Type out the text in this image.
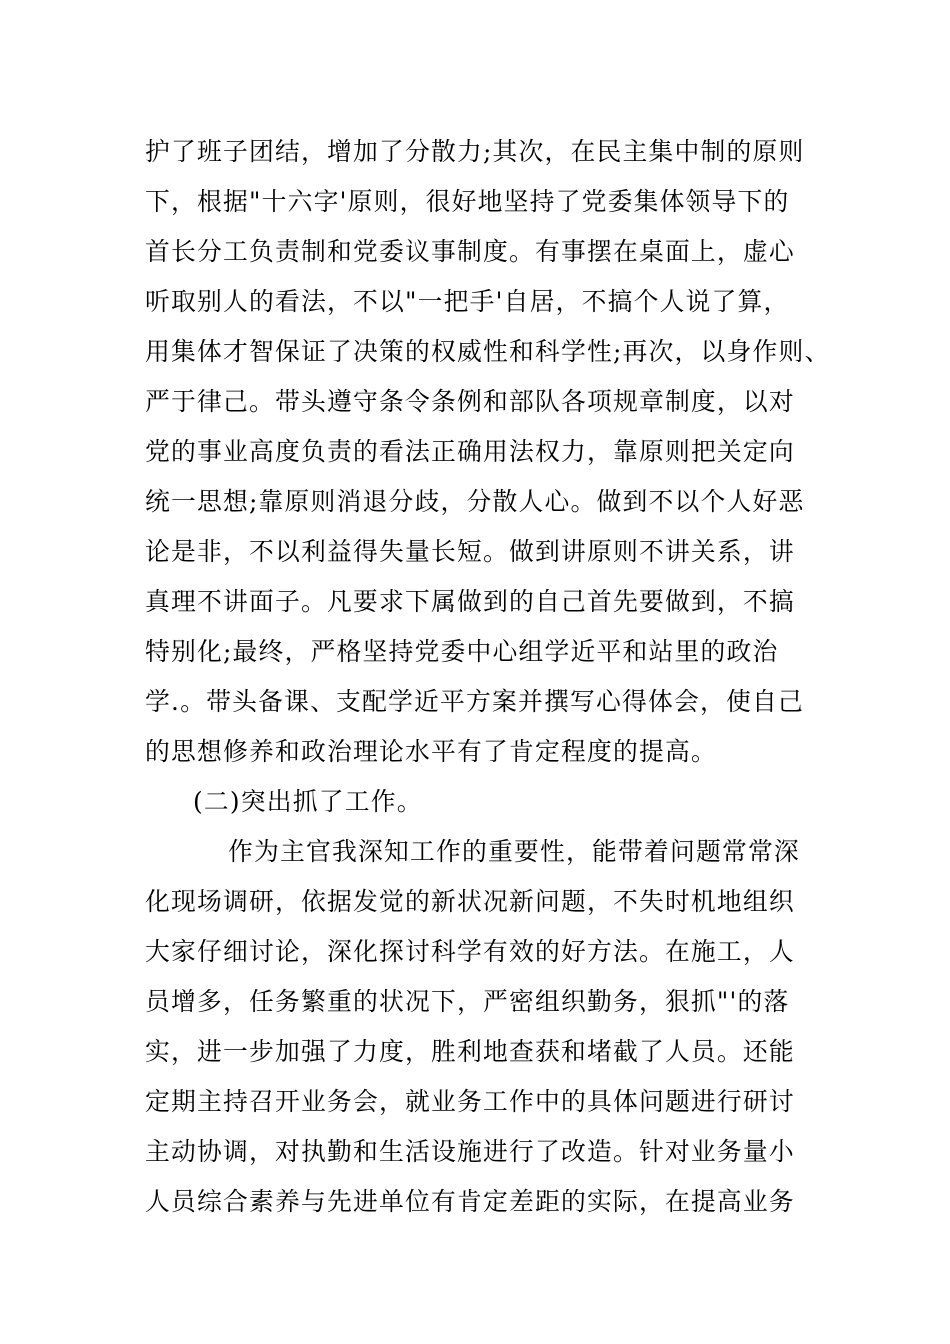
护了班子团结，增加了分散力;其次，在民主集中制的原则
下，根据"十六字'原则，很好地坚持了党委集体领导下的
首长分工负责制和党委议事制度。有事摆在桌面上，虚心
听取别人的看法，不以"一把手'自居，不搞个人说了算，
用集体才智保证了决策的权威性和科学性;再次，以身作则、
严于律己。带头遵守条令条例和部队各项规章制度，以对
党的事业高度负责的看法正确用法权力，靠原则把关定向
统一思想;靠原则消退分歧，分散人心。做到不以个人好恶
论是非，不以利益得失量长短。做到讲原则不讲关系，讲
真理不讲面子。凡要求下属做到的自己首先要做到，不搞
特别化;最终，严格坚持党委中心组学近平和站里的政治
学.。带头备课、支配学近平方案并撰写心得体会，使自己
的思想修养和政治理论水平有了肯定程度的提高。
(二)突出抓了工作。
作为主官我深知工作的重要性，能带着问题常常深
化现场调研，依据发觉的新状况新问题，不失时机地组织
大家仔细讨论，深化探讨科学有效的好方法。在施工，人
员增多，任务繁重的状况下，严密组织勤务，狠抓"'的落
实，进一步加强了力度，胜利地查获和堵截了人员。还能
定期主持召开业务会，就业务工作中的具体问题进行研讨
主动协调，对执勤和生活设施进行了改造。针对业务量小
人员综合素养与先进单位有肯定差距的实际，在提高业务
